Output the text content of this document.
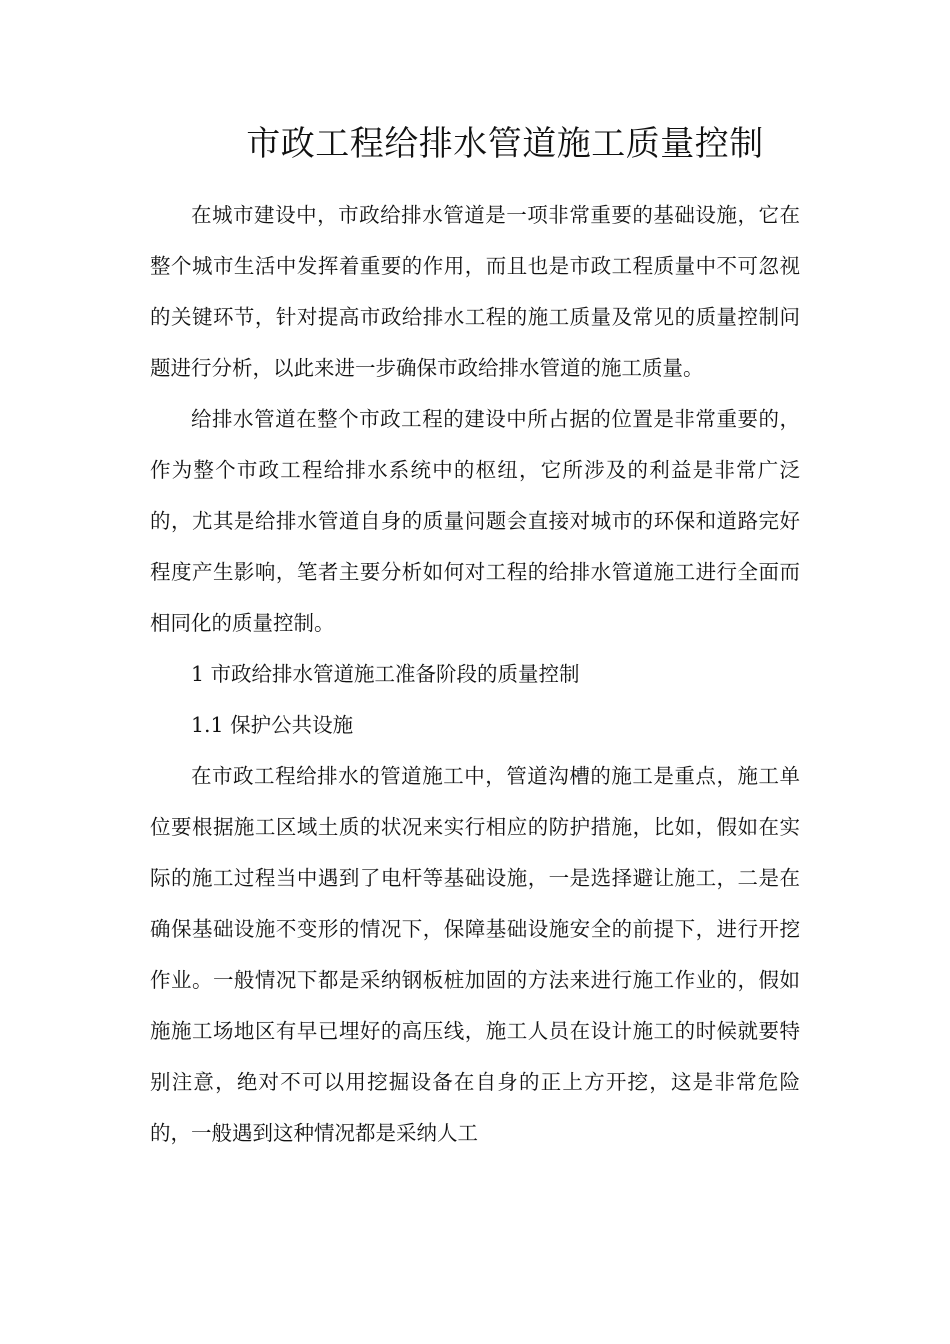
市政工程给排水管道施工质量控制

在城市建设中，市政给排水管道是一项非常重要的基础设施，它在整个城市生活中发挥着重要的作用，而且也是市政工程质量中不可忽视的关键环节，针对提高市政给排水工程的施工质量及常见的质量控制问题进行分析，以此来进一步确保市政给排水管道的施工质量。

给排水管道在整个市政工程的建设中所占据的位置是非常重要的，作为整个市政工程给排水系统中的枢纽，它所涉及的利益是非常广泛的，尤其是给排水管道自身的质量问题会直接对城市的环保和道路完好程度产生影响，笔者主要分析如何对工程的给排水管道施工进行全面而相同化的质量控制。

1 市政给排水管道施工准备阶段的质量控制

1.1 保护公共设施

在市政工程给排水的管道施工中，管道沟槽的施工是重点，施工单位要根据施工区域土质的状况来实行相应的防护措施，比如，假如在实际的施工过程当中遇到了电杆等基础设施，一是选择避让施工，二是在确保基础设施不变形的情况下，保障基础设施安全的前提下，进行开挖作业。一般情况下都是采纳钢板桩加固的方法来进行施工作业的，假如施施工场地区有早已埋好的高压线，施工人员在设计施工的时候就要特别注意，绝对不可以用挖掘设备在自身的正上方开挖，这是非常危险的，一般遇到这种情况都是采纳人工
